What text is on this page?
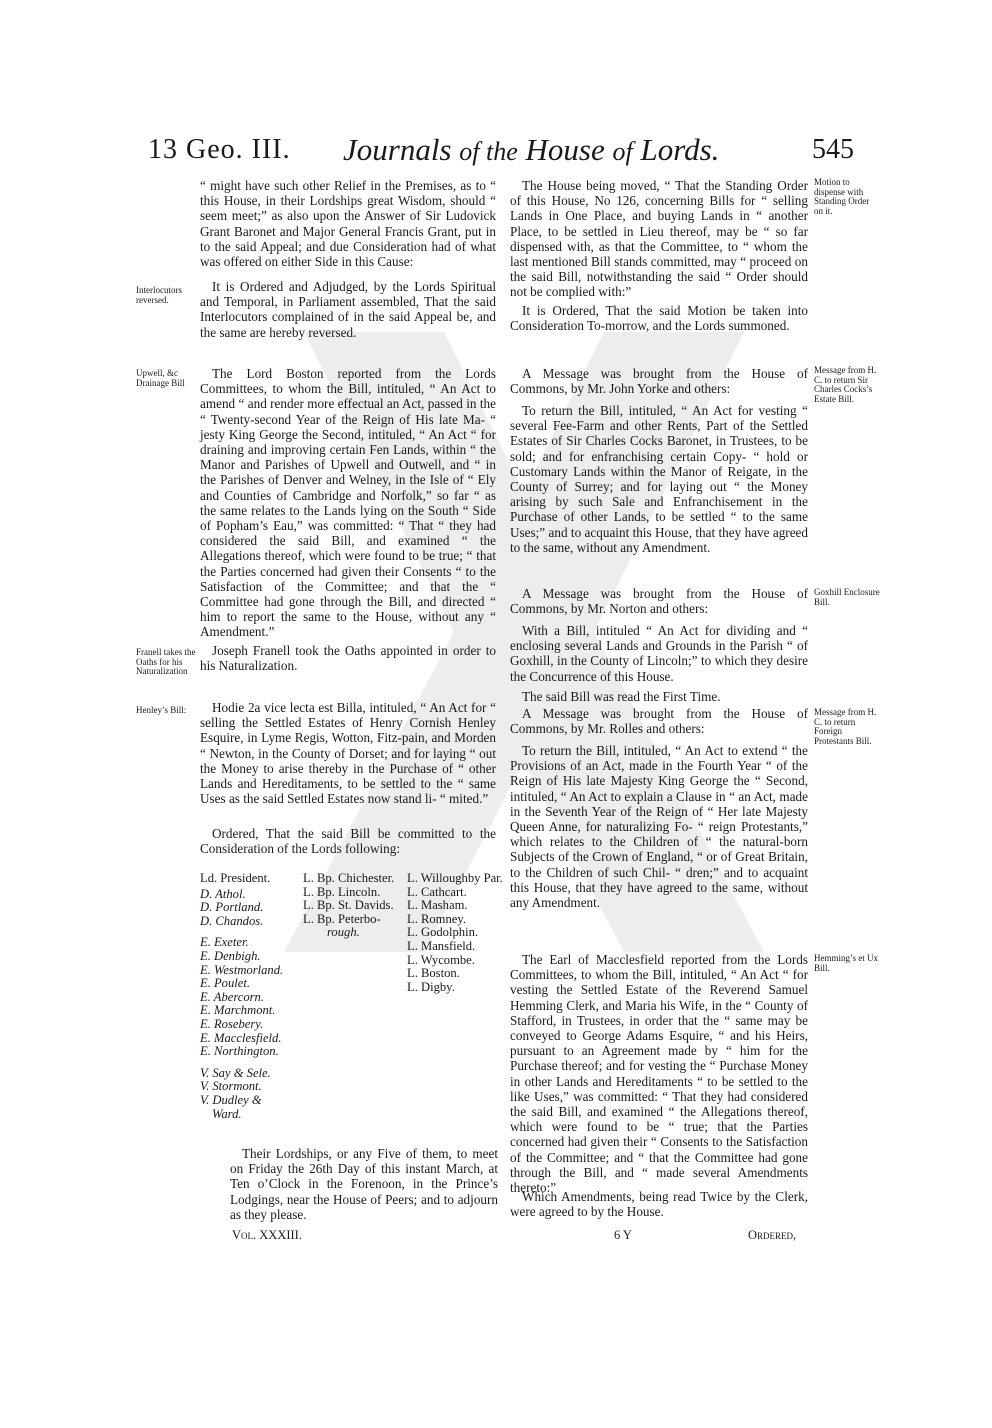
13 Geo. III. Journals of the House of Lords.	545
Interlocutors reversed.
Upwell, &c Drainage Bill
Franell takes the Oaths for his Naturalization
Henley’s Bill:
Motion to dispense with Standing Order on it.
Message from H. C. to return Sir Charles Cocks’s Estate Bill.
Goxhill Enclosure Bill.
Message from H. C. to return Foreign Protestants Bill.
Hemming’s et Ux Bill.

“ might have such other Relief in the Premises, as to “ this House, in their Lordships great Wisdom, should “ seem meet;” as also upon the Answer of Sir Ludovick Grant Baronet and Major General Francis Grant, put in to the said Appeal; and due Consideration had of what was offered on either Side in this Cause:

It is Ordered and Adjudged, by the Lords Spiritual and Temporal, in Parliament assembled, That the said Interlocutors complained of in the said Appeal be, and the same are hereby reversed.

The Lord Boston reported from the Lords Committees, to whom the Bill, intituled, “ An Act to amend “ and render more effectual an Act, passed in the “ Twenty-second Year of the Reign of His late Ma- “ jesty King George the Second, intituled, “ An Act “ for draining and improving certain Fen Lands, within “ the Manor and Parishes of Upwell and Outwell, and “ in the Parishes of Denver and Welney, in the Isle of “ Ely and Counties of Cambridge and Norfolk,” so far “ as the same relates to the Lands lying on the South “ Side of Popham’s Eau,” was committed: “ That “ they had considered the said Bill, and examined “ the Allegations thereof, which were found to be true; “ that the Parties concerned had given their Consents “ to the Satisfaction of the Committee; and that the “ Committee had gone through the Bill, and directed “ him to report the same to the House, without any “ Amendment.”

Joseph Franell took the Oaths appointed in order to his Naturalization.

Hodie 2a vice lecta est Billa, intituled, “ An Act for “ selling the Settled Estates of Henry Cornish Henley Esquire, in Lyme Regis, Wotton, Fitz-pain, and Morden “ Newton, in the County of Dorset; and for laying “ out the Money to arise thereby in the Purchase of “ other Lands and Hereditaments, to be settled to the “ same Uses as the said Settled Estates now stand li- “ mited.”

Ordered, That the said Bill be committed to the Consideration of the Lords following:

Ld. President.
D. Athol.
D. Portland.
D. Chandos.
E. Exeter.
E. Denbigh.
E. Westmorland.
E. Poulet.
E. Abercorn.
E. Marchmont.
E. Rosebery.
E. Macclesfield.
E. Northington.
V. Say & Sele.
V. Stormont.
V. Dudley &
Ward.
L. Bp. Chichester.
L. Bp. Lincoln.
L. Bp. St. Davids.
L. Bp. Peterbo-
rough.
L. Willoughby Par.
L. Cathcart.
L. Masham.
L. Romney.
L. Godolphin.
L. Mansfield.
L. Wycombe.
L. Boston.
L. Digby.

Their Lordships, or any Five of them, to meet on Friday the 26th Day of this instant March, at Ten o’Clock in the Forenoon, in the Prince’s Lodgings, near the House of Peers; and to adjourn as they please.

The House being moved, “ That the Standing Order of this House, No 126, concerning Bills for “ selling Lands in One Place, and buying Lands in “ another Place, to be settled in Lieu thereof, may be “ so far dispensed with, as that the Committee, to “ whom the last mentioned Bill stands committed, may “ proceed on the said Bill, notwithstanding the said “ Order should not be complied with:”

It is Ordered, That the said Motion be taken into Consideration To-morrow, and the Lords summoned.

A Message was brought from the House of Commons, by Mr. John Yorke and others:

To return the Bill, intituled, “ An Act for vesting “ several Fee-Farm and other Rents, Part of the Settled Estates of Sir Charles Cocks Baronet, in Trustees, to be sold; and for enfranchising certain Copy- “ hold or Customary Lands within the Manor of Reigate, in the County of Surrey; and for laying out “ the Money arising by such Sale and Enfranchisement in the Purchase of other Lands, to be settled “ to the same Uses;” and to acquaint this House, that they have agreed to the same, without any Amendment.

A Message was brought from the House of Commons, by Mr. Norton and others:

With a Bill, intituled “ An Act for dividing and “ enclosing several Lands and Grounds in the Parish “ of Goxhill, in the County of Lincoln;” to which they desire the Concurrence of this House.

The said Bill was read the First Time.

A Message was brought from the House of Commons, by Mr. Rolles and others:

To return the Bill, intituled, “ An Act to extend “ the Provisions of an Act, made in the Fourth Year “ of the Reign of His late Majesty King George the “ Second, intituled, “ An Act to explain a Clause in “ an Act, made in the Seventh Year of the Reign of “ Her late Majesty Queen Anne, for naturalizing Fo- “ reign Protestants,” which relates to the Children of “ the natural-born Subjects of the Crown of England, “ or of Great Britain, to the Children of such Chil- “ dren;” and to acquaint this House, that they have agreed to the same, without any Amendment.

The Earl of Macclesfield reported from the Lords Committees, to whom the Bill, intituled, “ An Act “ for vesting the Settled Estate of the Reverend Samuel Hemming Clerk, and Maria his Wife, in the “ County of Stafford, in Trustees, in order that the “ same may be conveyed to George Adams Esquire, “ and his Heirs, pursuant to an Agreement made by “ him for the Purchase thereof; and for vesting the “ Purchase Money in other Lands and Hereditaments “ to be settled to the like Uses,” was committed: “ That they had considered the said Bill, and examined “ the Allegations thereof, which were found to be “ true; that the Parties concerned had given their “ Consents to the Satisfaction of the Committee; and “ that the Committee had gone through the Bill, and “ made several Amendments thereto:”

Which Amendments, being read Twice by the Clerk, were agreed to by the House.

Vol. XXXIII.	6 Y	Ordered,
